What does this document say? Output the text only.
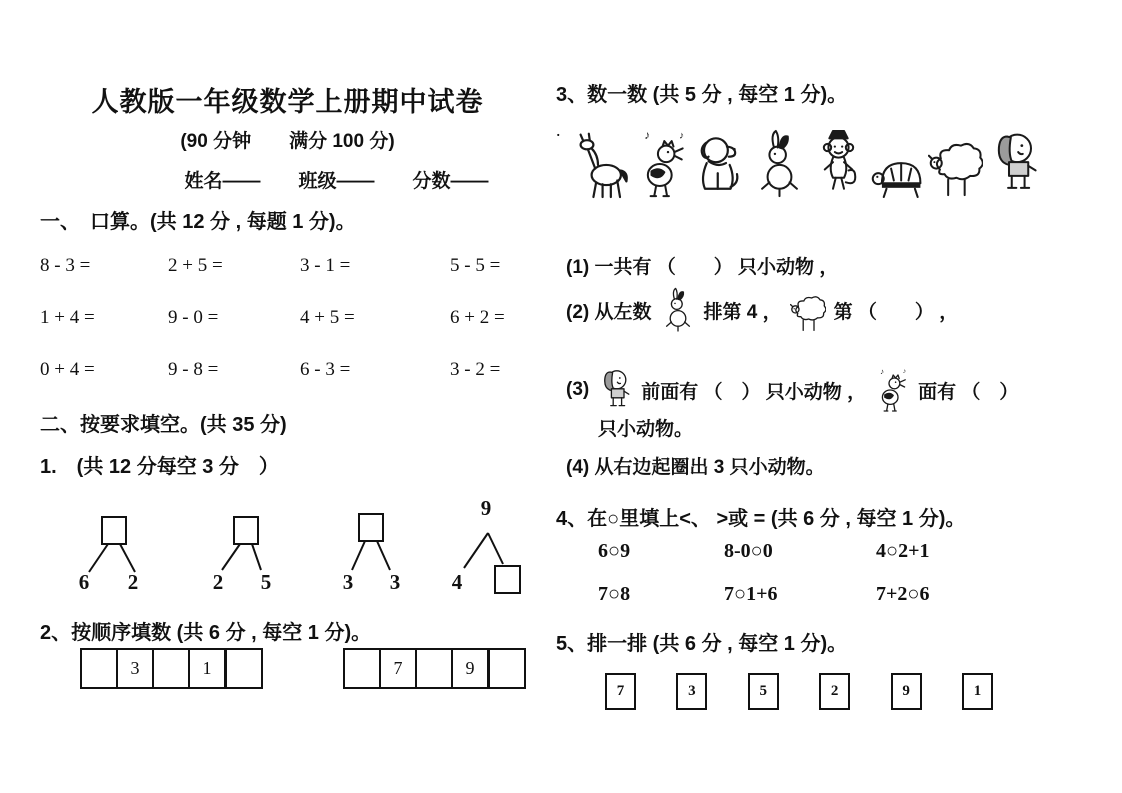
人教版一年级数学上册期中试卷
(90 分钟　　满分 100 分)
姓名——　　班级——　　分数——
一、　口算。(共 12 分 , 每题 1 分)。
8 - 3 =	2 + 5 =	3 - 1 =	5 - 5 =
1 + 4 =	9 - 0 =	4 + 5 =	6 + 2 =
0 + 4 =	9 - 8 =	6 - 3 =	3 - 2 =
二、按要求填空。(共 35 分)
1.　(共 12 分每空 3 分　）
6 2	2 5	3 3
9
4
2、按顺序填数 (共 6 分 , 每空 1 分)。
3	1	7	9
3、数一数 (共 5 分 , 每空 1 分)。
.
(1) 一共有 （　　） 只小动物 ，
(2) 从左数	排第 4 ，	第 （　　） ，
(3)	前面有 （　） 只小动物 ，	面有 （　）
只小动物。
(4) 从右边起圈出 3 只小动物。
4、在○里填上<、 >或 = (共 6 分 , 每空 1 分)。
6○9	8-0○0	4○2+1
7○8	7○1+6	7+2○6
5、排一排 (共 6 分 , 每空 1 分)。
7	3	5	2	9	1
